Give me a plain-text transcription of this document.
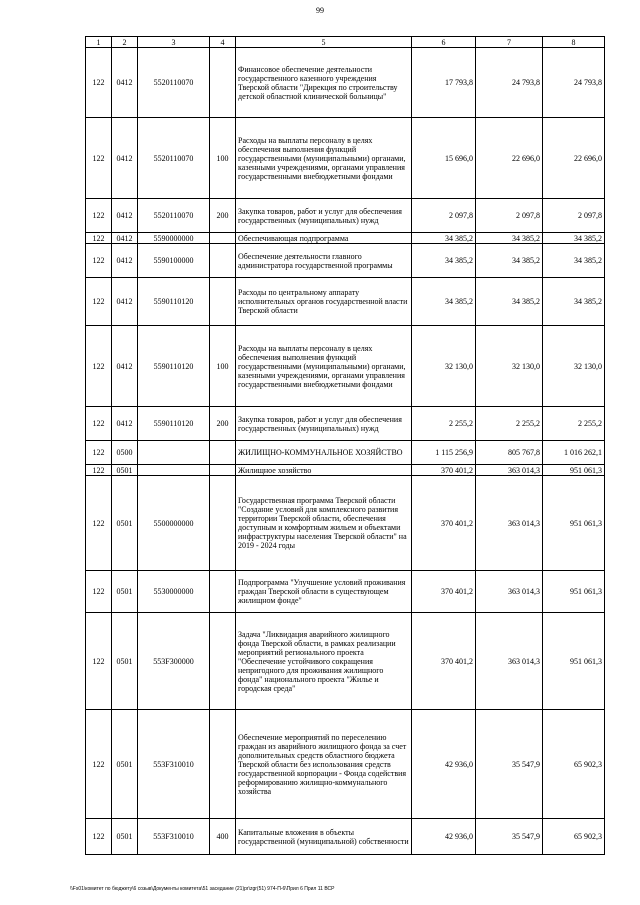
99
1	2	3	4	5	6	7	8
122	0412	5520110070		Финансовое обеспечение деятельности государственного казенного учреждения Тверской области "Дирекция по строительству детской областной клинической больницы"	17 793,8	24 793,8	24 793,8
122	0412	5520110070	100	Расходы на выплаты персоналу в целях обеспечения выполнения функций государственными (муниципальными) органами, казенными учреждениями, органами управления государственными внебюджетными фондами	15 696,0	22 696,0	22 696,0
122	0412	5520110070	200	Закупка товаров, работ и услуг для обеспечения государственных (муниципальных) нужд	2 097,8	2 097,8	2 097,8
122	0412	5590000000		Обеспечивающая подпрограмма	34 385,2	34 385,2	34 385,2
122	0412	5590100000		Обеспечение деятельности главного администратора государственной программы	34 385,2	34 385,2	34 385,2
122	0412	5590110120		Расходы по центральному аппарату исполнительных органов государственной власти Тверской области	34 385,2	34 385,2	34 385,2
122	0412	5590110120	100	Расходы на выплаты персоналу в целях обеспечения выполнения функций государственными (муниципальными) органами, казенными учреждениями, органами управления государственными внебюджетными фондами	32 130,0	32 130,0	32 130,0
122	0412	5590110120	200	Закупка товаров, работ и услуг для обеспечения государственных (муниципальных) нужд	2 255,2	2 255,2	2 255,2
122	0500			ЖИЛИЩНО-КОММУНАЛЬНОЕ ХОЗЯЙСТВО	1 115 256,9	805 767,8	1 016 262,1
122	0501			Жилищное хозяйство	370 401,2	363 014,3	951 061,3
122	0501	5500000000		Государственная программа Тверской области "Создание условий для комплексного развития территории Тверской области, обеспечения доступным и комфортным жильем и объектами инфраструктуры населения Тверской области" на 2019 - 2024 годы	370 401,2	363 014,3	951 061,3
122	0501	5530000000		Подпрограмма "Улучшение условий проживания граждан Тверской области в существующем жилищном фонде"	370 401,2	363 014,3	951 061,3
122	0501	553F300000		Задача "Ликвидация аварийного жилищного фонда Тверской области, в рамках реализации мероприятий регионального проекта "Обеспечение устойчивого сокращения непригодного для проживания жилищного фонда" национального проекта "Жилье и городская среда"	370 401,2	363 014,3	951 061,3
122	0501	553F310010		Обеспечение мероприятий по переселению граждан из аварийного жилищного фонда за счет дополнительных средств областного бюджета Тверской области без использования средств государственной корпорации - Фонда содействия реформированию жилищно-коммунального хозяйства	42 936,0	35 547,9	65 902,3
122	0501	553F310010	400	Капитальные вложения в объекты государственной (муниципальной) собственности	42 936,0	35 547,9	65 902,3
\\Fs01\комитет по бюджету\6 созыв\Документы комитета\51 заседание (21)pr\zgr(51) 974-П-6\Прил 6 Прил 11 ВСР
